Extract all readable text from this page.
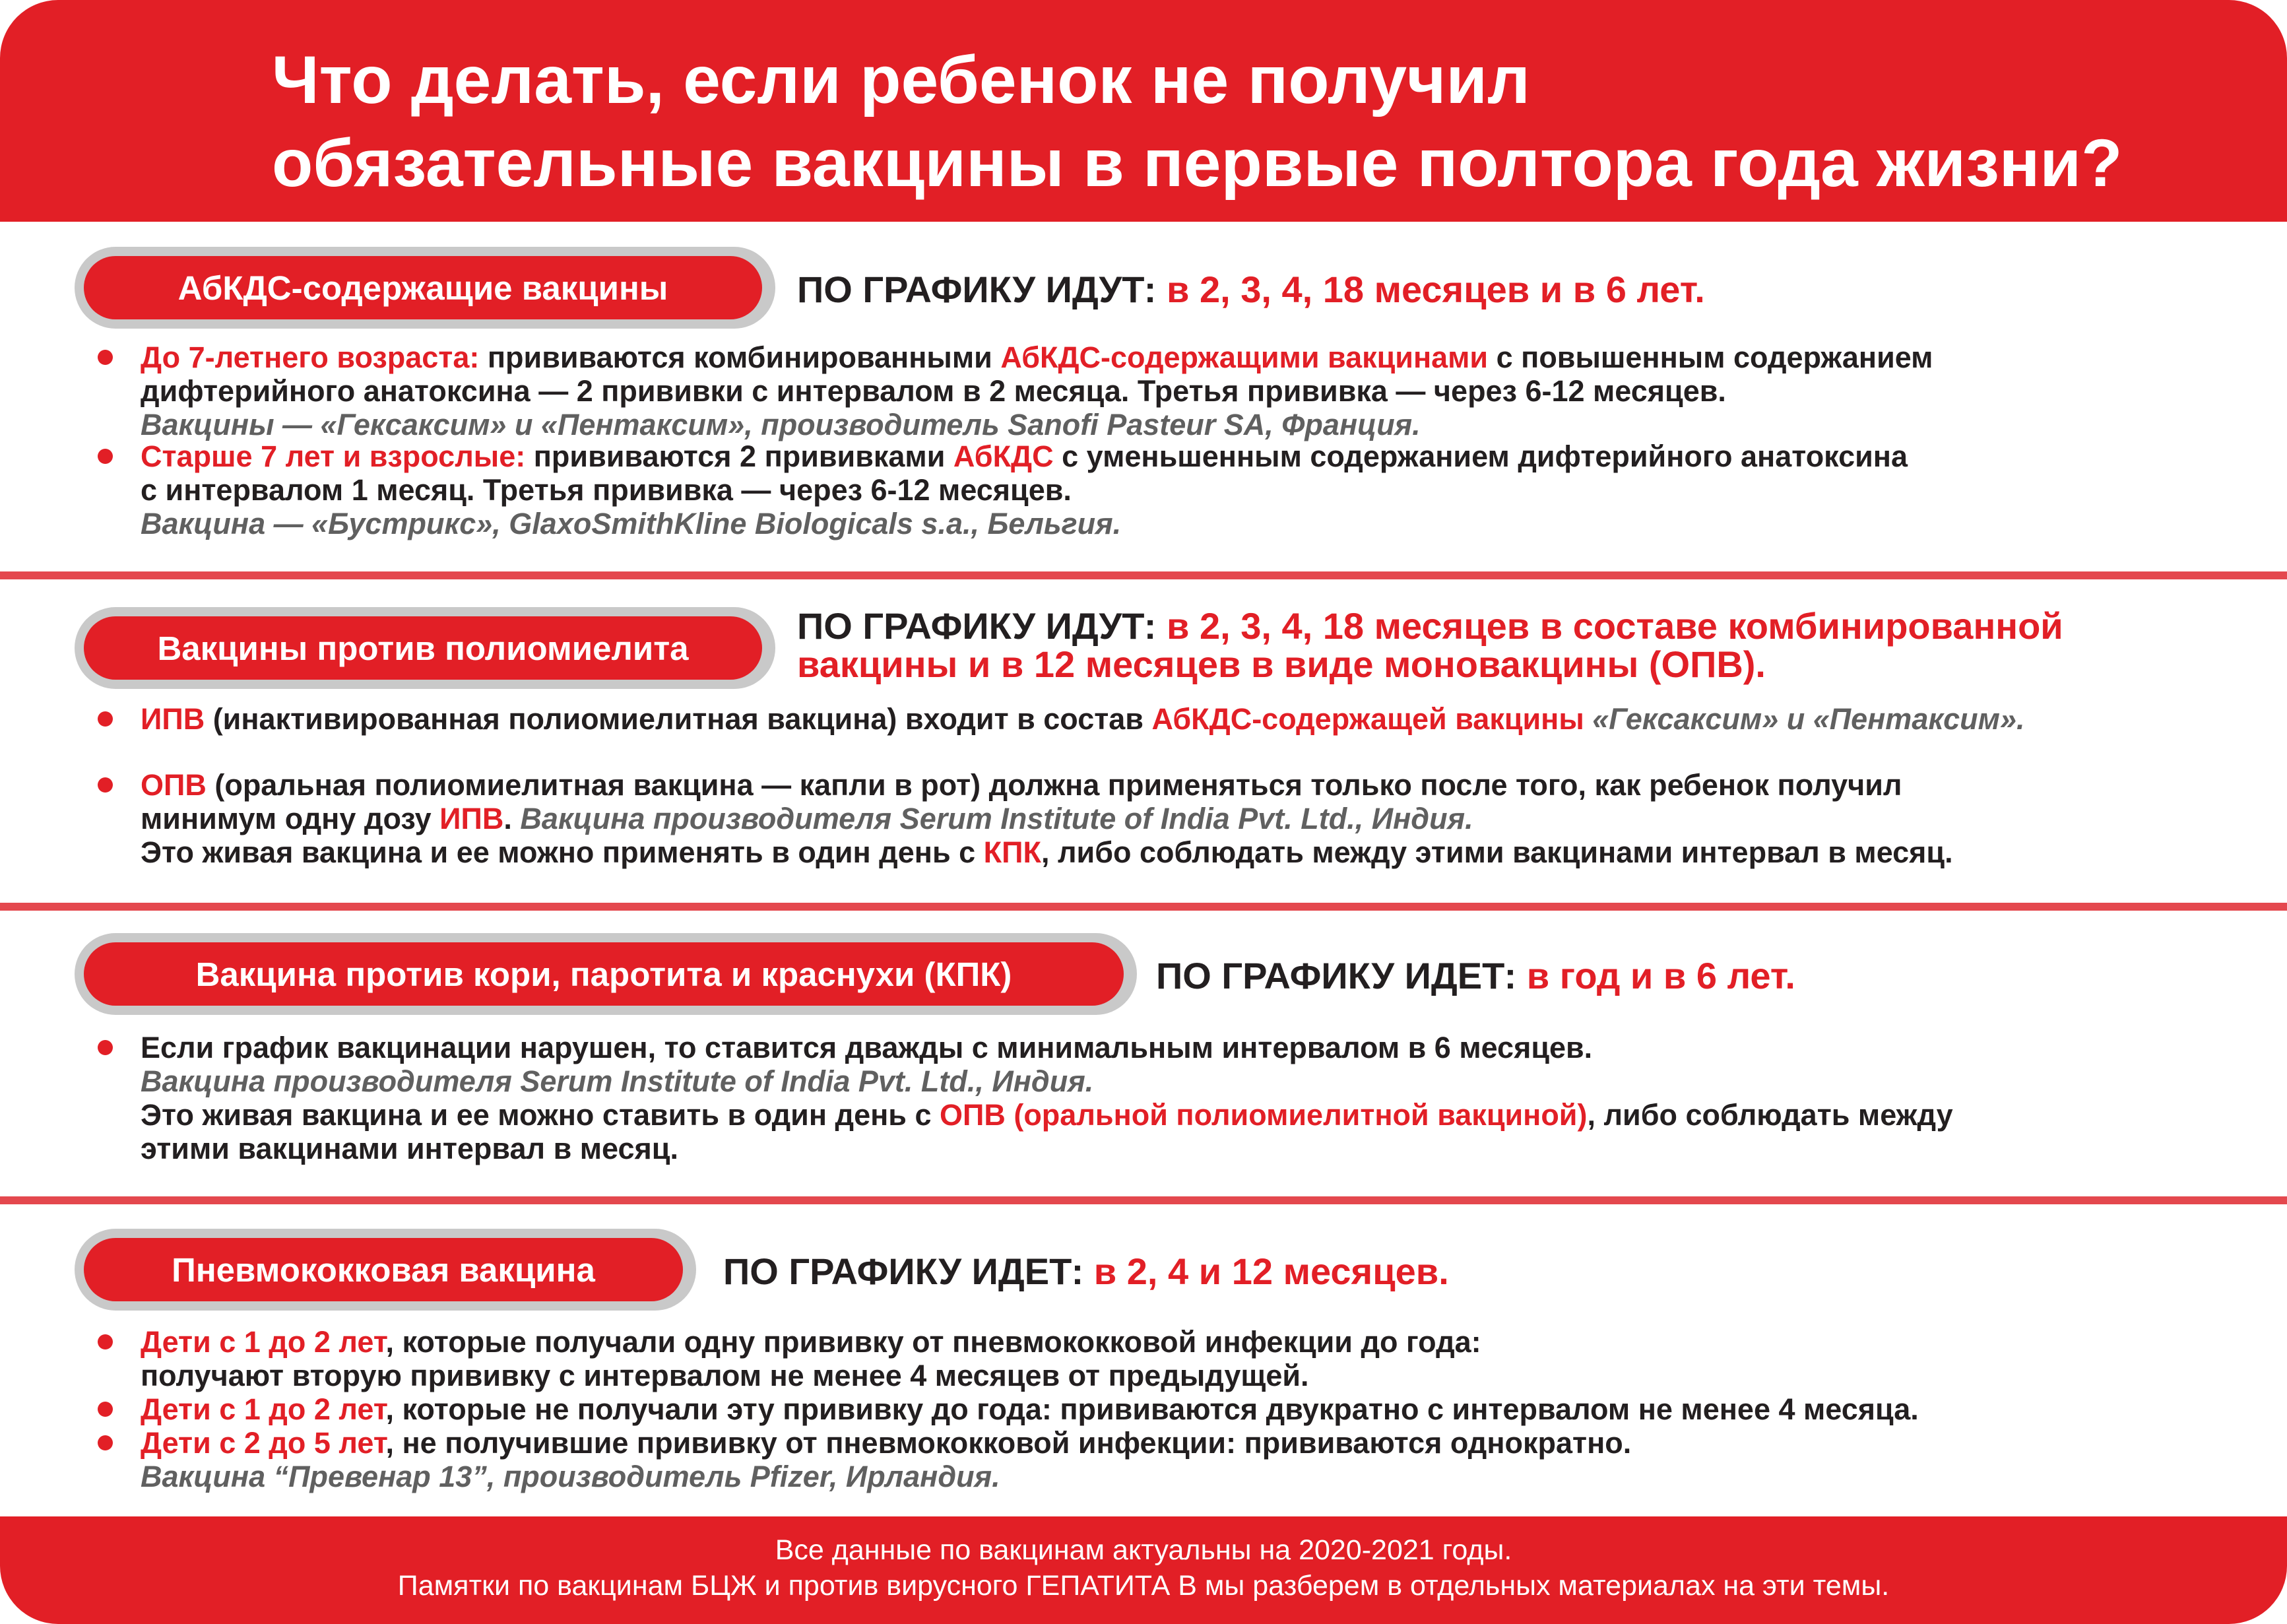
Что делать, если ребенок не получил
обязательные вакцины в первые полтора года жизни?
АбКДС-содержащие вакцины	ПО ГРАФИКУ ИДУТ: в 2, 3, 4, 18 месяцев и в 6 лет.
До 7-летнего возраста: прививаются комбинированными АбКДС-содержащими вакцинами с повышенным содержанием
дифтерийного анатоксина — 2 прививки с интервалом в 2 месяца. Третья прививка — через 6-12 месяцев.
Вакцины — «Гексаксим» и «Пентаксим», производитель Sanofi Pasteur SA, Франция.
Старше 7 лет и взрослые: прививаются 2 прививками АбКДС с уменьшенным содержанием дифтерийного анатоксина
с интервалом 1 месяц. Третья прививка — через 6-12 месяцев.
Вакцина — «Бустрикс», GlaxoSmithKline Biologicals s.a., Бельгия.
Вакцины против полиомиелита
ПО ГРАФИКУ ИДУТ: в 2, 3, 4, 18 месяцев в составе комбинированной
вакцины и в 12 месяцев в виде моновакцины (ОПВ).
ИПВ (инактивированная полиомиелитная вакцина) входит в состав АбКДС-содержащей вакцины «Гексаксим» и «Пентаксим».
ОПВ (оральная полиомиелитная вакцина — капли в рот) должна применяться только после того, как ребенок получил
минимум одну дозу ИПВ. Вакцина производителя Serum Institute of India Pvt. Ltd., Индия.
Это живая вакцина и ее можно применять в один день с КПК, либо соблюдать между этими вакцинами интервал в месяц.
Вакцина против кори, паротита и краснухи (КПК)	ПО ГРАФИКУ ИДЕТ: в год и в 6 лет.
Если график вакцинации нарушен, то ставится дважды с минимальным интервалом в 6 месяцев.
Вакцина производителя Serum Institute of India Pvt. Ltd., Индия.
Это живая вакцина и ее можно ставить в один день с ОПВ (оральной полиомиелитной вакциной), либо соблюдать между
этими вакцинами интервал в месяц.
Пневмококковая вакцина	ПО ГРАФИКУ ИДЕТ: в 2, 4 и 12 месяцев.
Дети с 1 до 2 лет, которые получали одну прививку от пневмококковой инфекции до года:
получают вторую прививку с интервалом не менее 4 месяцев от предыдущей.
Дети с 1 до 2 лет, которые не получали эту прививку до года: прививаются двукратно с интервалом не менее 4 месяца.
Дети с 2 до 5 лет, не получившие прививку от пневмококковой инфекции: прививаются однократно.
Вакцина “Превенар 13”, производитель Pfizer, Ирландия.
Все данные по вакцинам актуальны на 2020-2021 годы.
Памятки по вакцинам БЦЖ и против вирусного ГЕПАТИТА В мы разберем в отдельных материалах на эти темы.
